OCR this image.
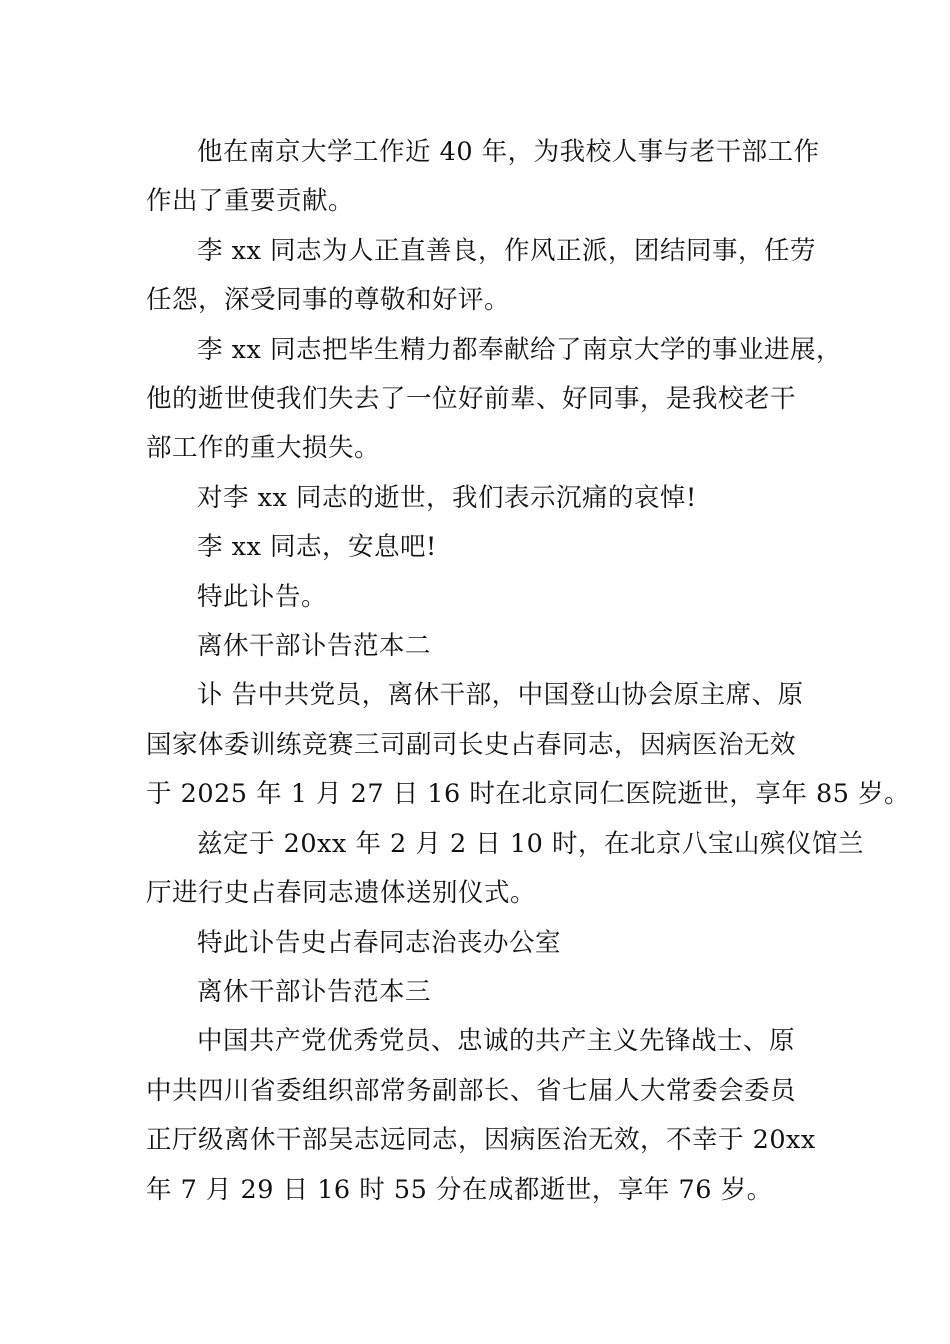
他在南京大学工作近 40 年，为我校人事与老干部工作
作出了重要贡献。
李 xx 同志为人正直善良，作风正派，团结同事，任劳
任怨，深受同事的尊敬和好评。
李 xx 同志把毕生精力都奉献给了南京大学的事业进展，
他的逝世使我们失去了一位好前辈、好同事，是我校老干
部工作的重大损失。
对李 xx 同志的逝世，我们表示沉痛的哀悼!
李 xx 同志，安息吧!
特此讣告。
离休干部讣告范本二
讣 告中共党员，离休干部，中国登山协会原主席、原
国家体委训练竞赛三司副司长史占春同志，因病医治无效
于 2025 年 1 月 27 日 16 时在北京同仁医院逝世，享年 85 岁。
兹定于 20xx 年 2 月 2 日 10 时，在北京八宝山殡仪馆兰
厅进行史占春同志遗体送别仪式。
特此讣告史占春同志治丧办公室
离休干部讣告范本三
中国共产党优秀党员、忠诚的共产主义先锋战士、原
中共四川省委组织部常务副部长、省七届人大常委会委员
正厅级离休干部吴志远同志，因病医治无效，不幸于 20xx
年 7 月 29 日 16 时 55 分在成都逝世，享年 76 岁。
